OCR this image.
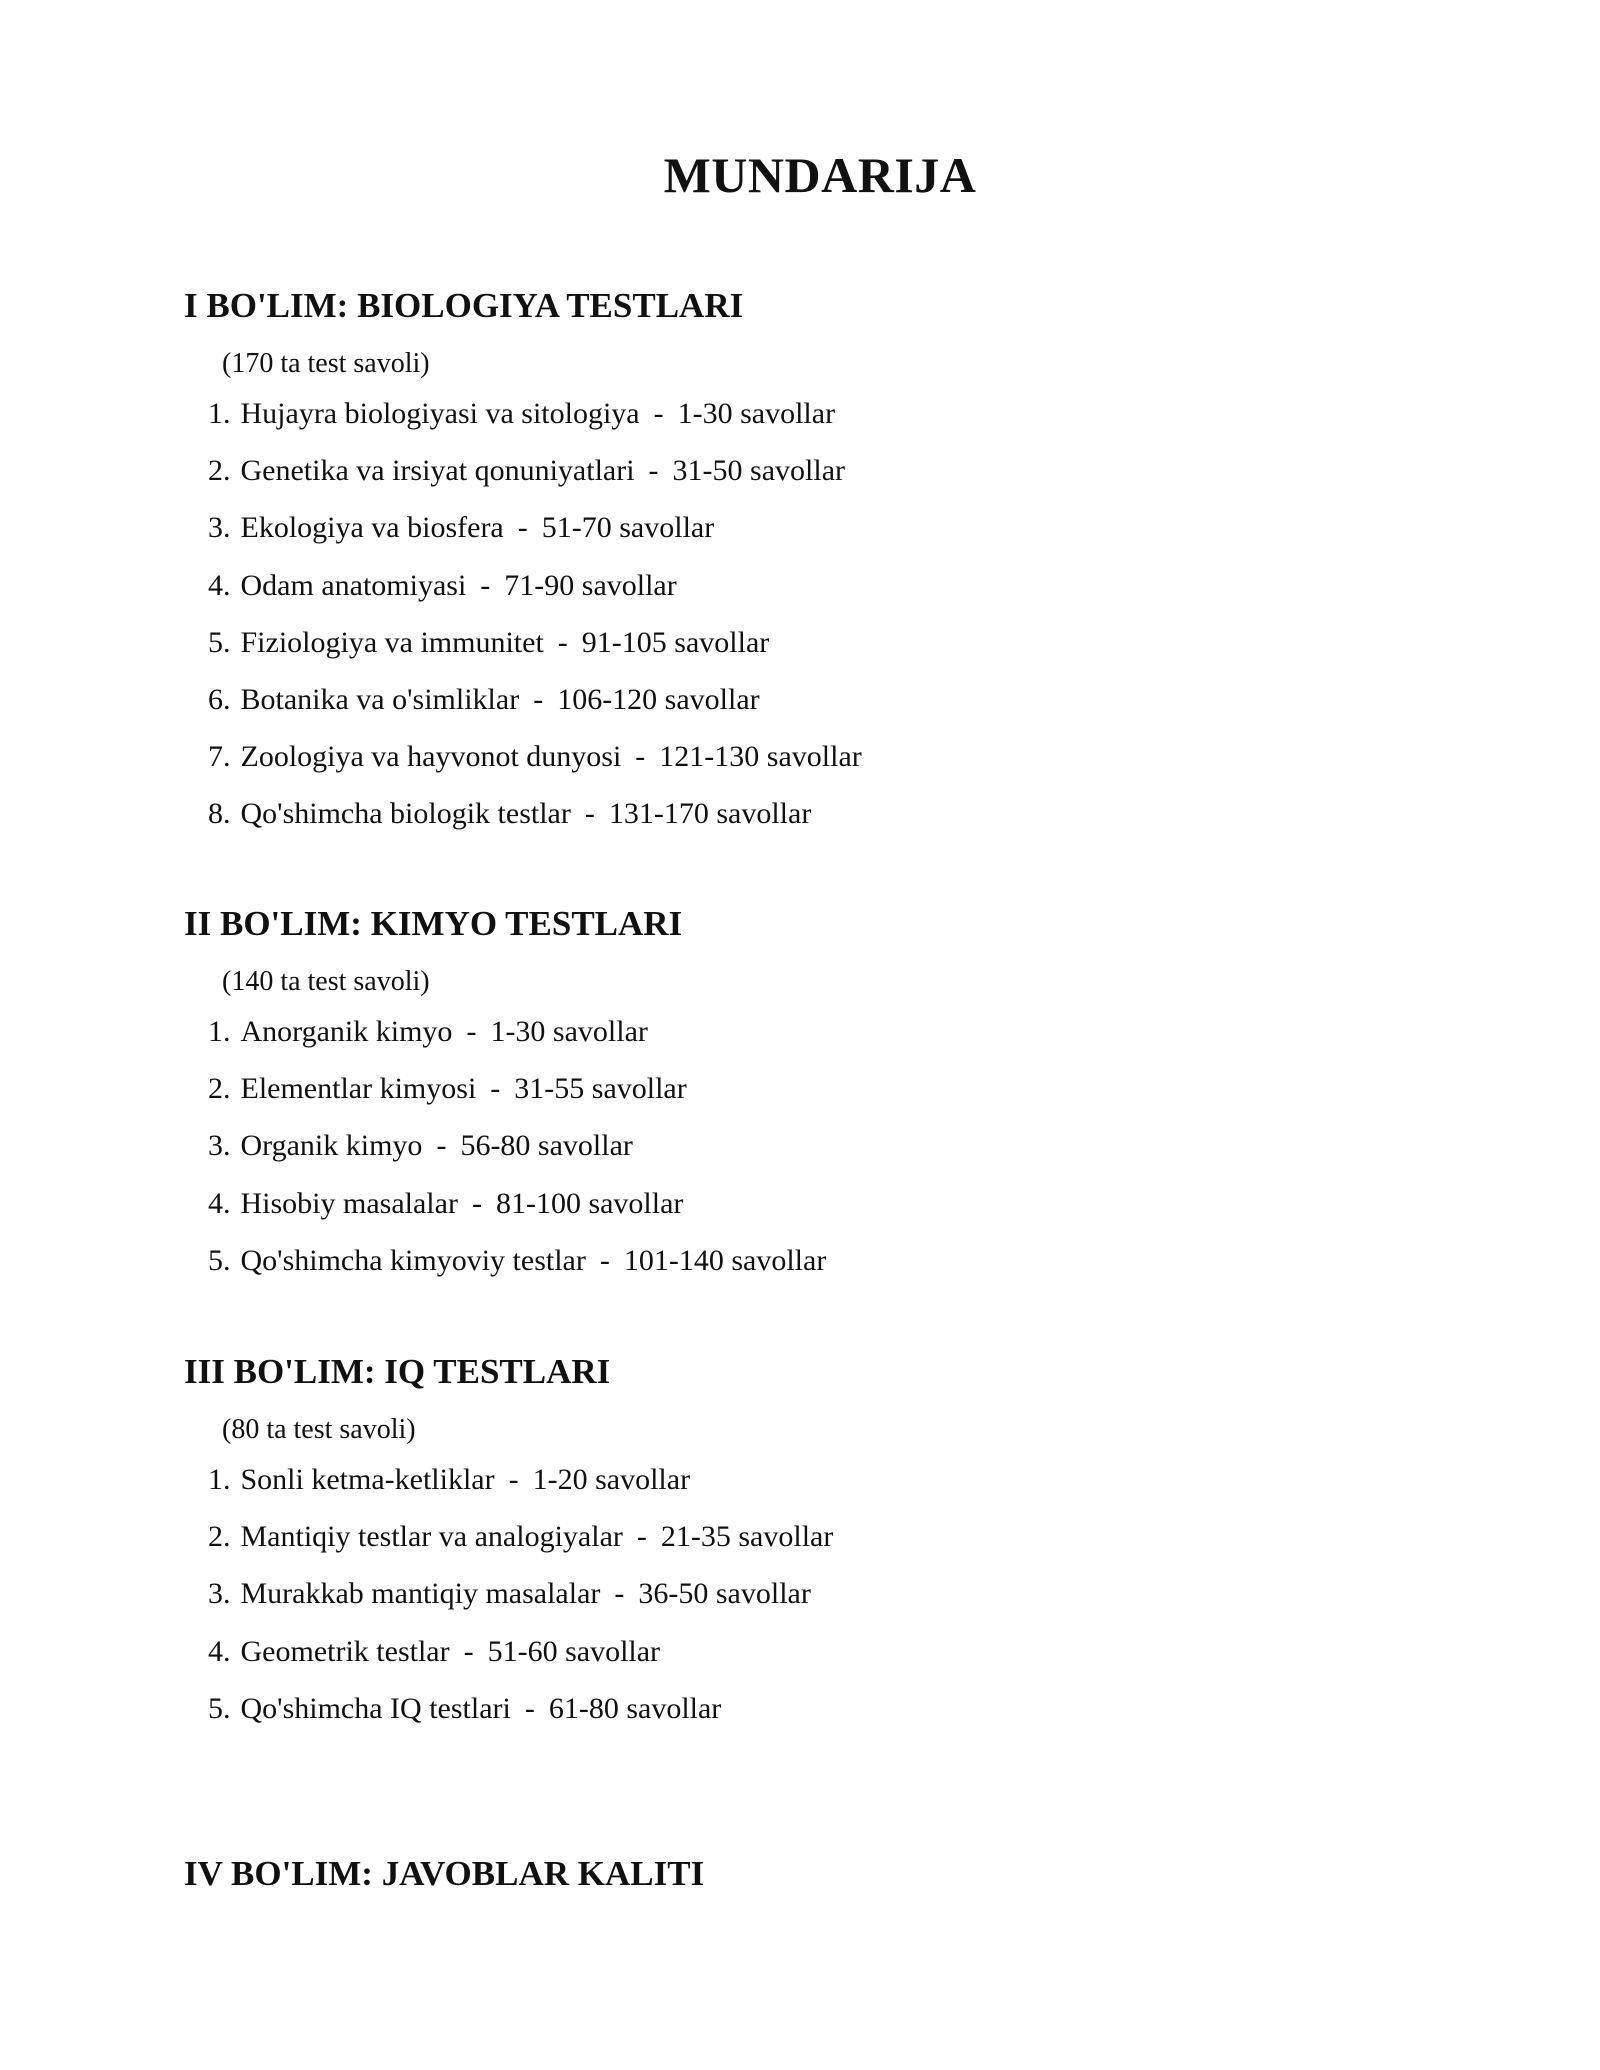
MUNDARIJA
I BO'LIM: BIOLOGIYA TESTLARI

(170 ta test savoli)

1. Hujayra biologiyasi va sitologiya - 1-30 savollar
2. Genetika va irsiyat qonuniyatlari - 31-50 savollar
3. Ekologiya va biosfera - 51-70 savollar
4. Odam anatomiyasi - 71-90 savollar
5. Fiziologiya va immunitet - 91-105 savollar
6. Botanika va o'simliklar - 106-120 savollar
7. Zoologiya va hayvonot dunyosi - 121-130 savollar
8. Qo'shimcha biologik testlar - 131-170 savollar
II BO'LIM: KIMYO TESTLARI

(140 ta test savoli)

1. Anorganik kimyo - 1-30 savollar
2. Elementlar kimyosi - 31-55 savollar
3. Organik kimyo - 56-80 savollar
4. Hisobiy masalalar - 81-100 savollar
5. Qo'shimcha kimyoviy testlar - 101-140 savollar
III BO'LIM: IQ TESTLARI

(80 ta test savoli)

1. Sonli ketma-ketliklar - 1-20 savollar
2. Mantiqiy testlar va analogiyalar - 21-35 savollar
3. Murakkab mantiqiy masalalar - 36-50 savollar
4. Geometrik testlar - 51-60 savollar
5. Qo'shimcha IQ testlari - 61-80 savollar
IV BO'LIM: JAVOBLAR KALITI
